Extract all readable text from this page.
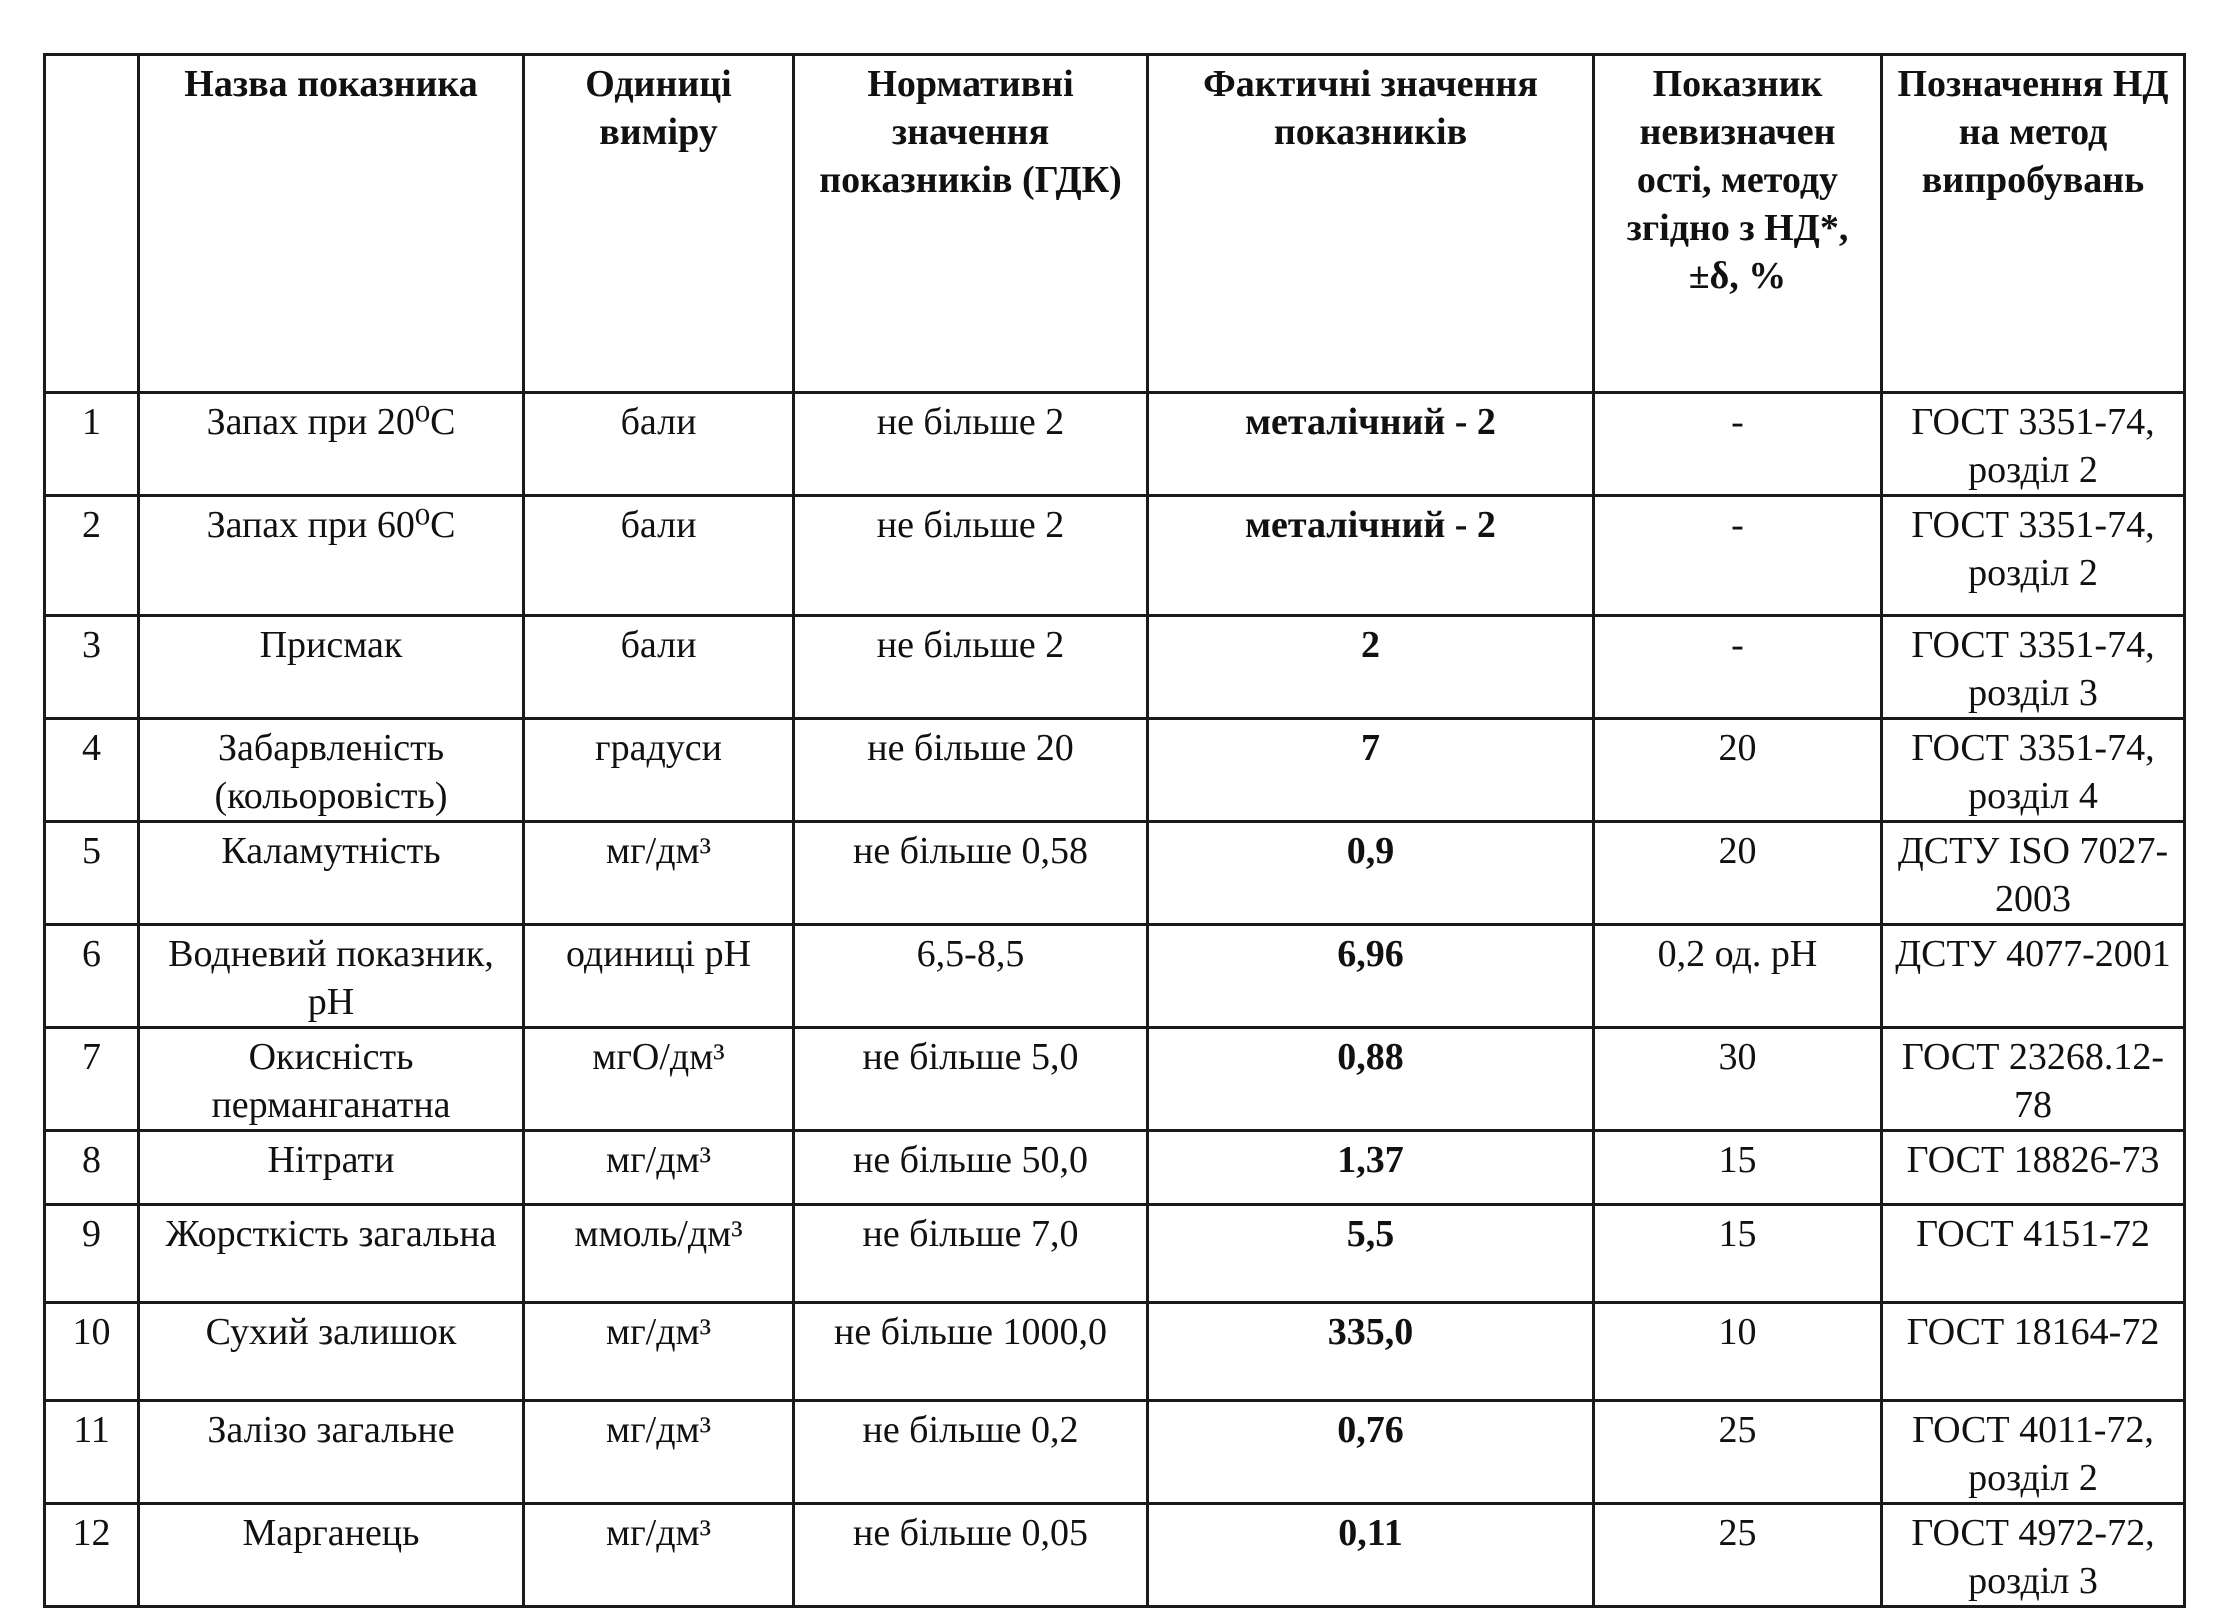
	Назва показника	Одиниці виміру	Нормативні значення показників (ГДК)	Фактичні значення показників	Показник невизначен ості, методу згідно з НД*, ±δ, %	Позначення НД на метод випробувань
1	Запах при 20⁰С	бали	не більше 2	металічний - 2	-	ГОСТ 3351-74, розділ 2
2	Запах при 60⁰С	бали	не більше 2	металічний - 2	-	ГОСТ 3351-74, розділ 2
3	Присмак	бали	не більше 2	2	-	ГОСТ 3351-74, розділ 3
4	Забарвленість (кольоровість)	градуси	не більше 20	7	20	ГОСТ 3351-74, розділ 4
5	Каламутність	мг/дм³	не більше 0,58	0,9	20	ДСТУ ISO 7027-2003
6	Водневий показник, рН	одиниці рН	6,5-8,5	6,96	0,2 од. рН	ДСТУ 4077-2001
7	Окисність перманганатна	мгО/дм³	не більше 5,0	0,88	30	ГОСТ 23268.12-78
8	Нітрати	мг/дм³	не більше 50,0	1,37	15	ГОСТ 18826-73
9	Жорсткість загальна	ммоль/дм³	не більше 7,0	5,5	15	ГОСТ 4151-72
10	Сухий залишок	мг/дм³	не більше 1000,0	335,0	10	ГОСТ 18164-72
11	Залізо загальне	мг/дм³	не більше 0,2	0,76	25	ГОСТ 4011-72, розділ 2
12	Марганець	мг/дм³	не більше 0,05	0,11	25	ГОСТ 4972-72, розділ 3
